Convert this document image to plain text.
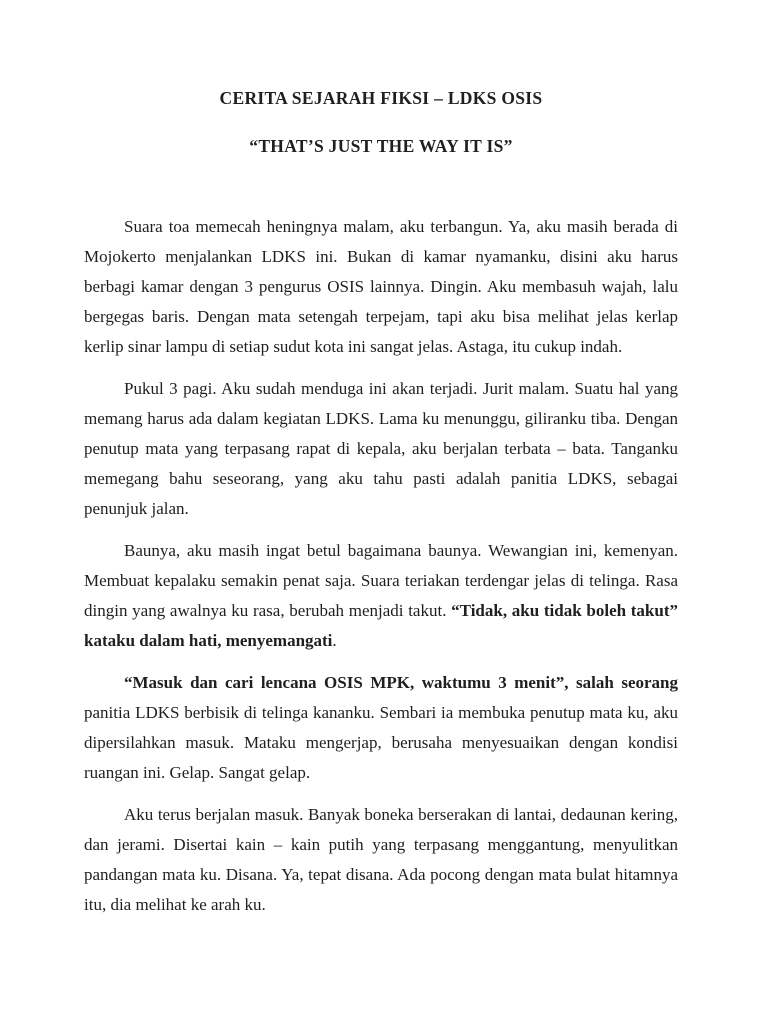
CERITA SEJARAH FIKSI – LDKS OSIS
“THAT’S JUST THE WAY IT IS”

Suara toa memecah heningnya malam, aku terbangun. Ya, aku masih berada di Mojokerto menjalankan LDKS ini. Bukan di kamar nyamanku, disini aku harus berbagi kamar dengan 3 pengurus OSIS lainnya. Dingin. Aku membasuh wajah, lalu bergegas baris. Dengan mata setengah terpejam, tapi aku bisa melihat jelas kerlap kerlip sinar lampu di setiap sudut kota ini sangat jelas. Astaga, itu cukup indah.

Pukul 3 pagi. Aku sudah menduga ini akan terjadi. Jurit malam. Suatu hal yang memang harus ada dalam kegiatan LDKS. Lama ku menunggu, giliranku tiba. Dengan penutup mata yang terpasang rapat di kepala, aku berjalan terbata – bata. Tanganku memegang bahu seseorang, yang aku tahu pasti adalah panitia LDKS, sebagai penunjuk jalan.

Baunya, aku masih ingat betul bagaimana baunya. Wewangian ini, kemenyan. Membuat kepalaku semakin penat saja. Suara teriakan terdengar jelas di telinga. Rasa dingin yang awalnya ku rasa, berubah menjadi takut. “Tidak, aku tidak boleh takut” kataku dalam hati, menyemangati.

“Masuk dan cari lencana OSIS MPK, waktumu 3 menit”, salah seorang panitia LDKS berbisik di telinga kananku. Sembari ia membuka penutup mata ku, aku dipersilahkan masuk. Mataku mengerjap, berusaha menyesuaikan dengan kondisi ruangan ini. Gelap. Sangat gelap.

Aku terus berjalan masuk. Banyak boneka berserakan di lantai, dedaunan kering, dan jerami. Disertai kain – kain putih yang terpasang menggantung, menyulitkan pandangan mata ku. Disana. Ya, tepat disana. Ada pocong dengan mata bulat hitamnya itu, dia melihat ke arah ku.
